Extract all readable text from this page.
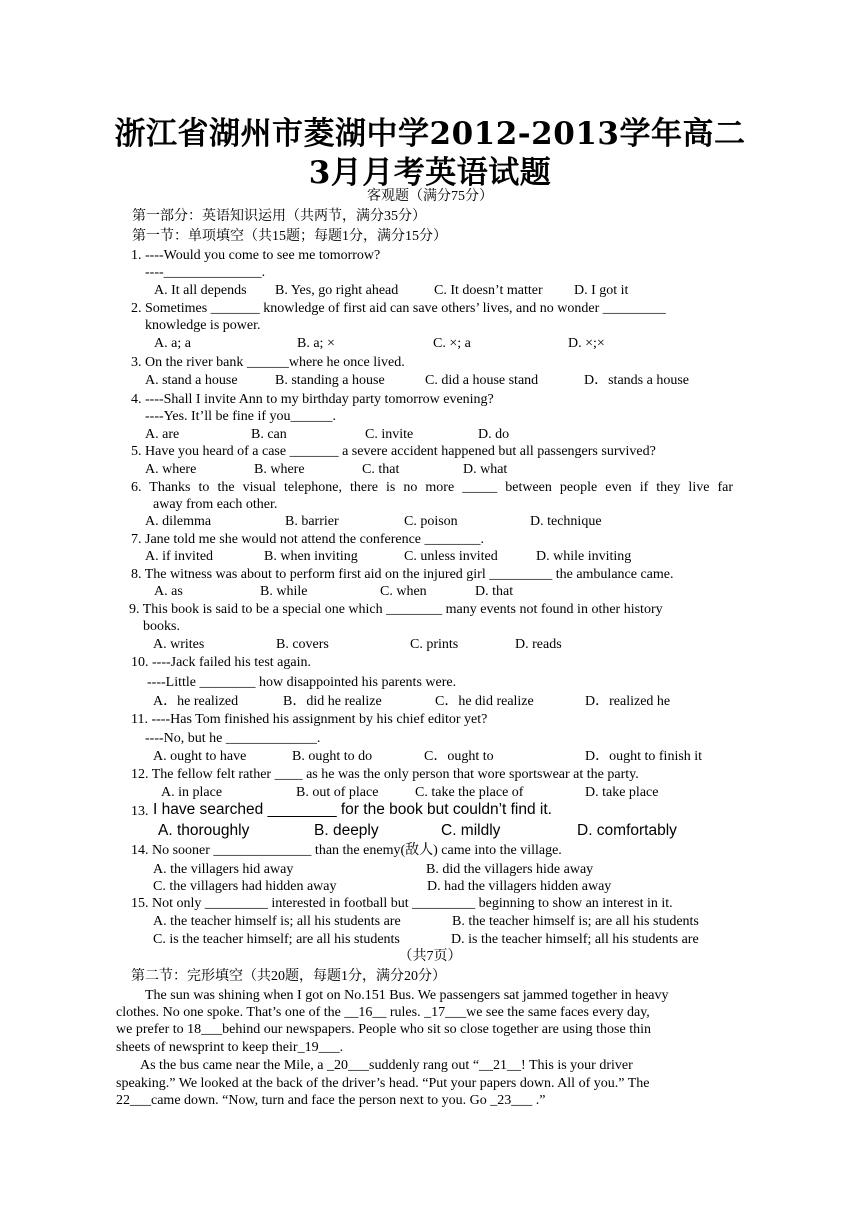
浙江省湖州市菱湖中学2012-2013学年高二
3月月考英语试题
客观题（满分75分）
第一部分：英语知识运用（共两节，满分35分）
第一节：单项填空（共15题；每题1分，满分15分）
1. ----Would you come to see me tomorrow?
----______________.
A. It all depends B. Yes, go right ahead	C. It doesn’t matter D. I got it
2. Sometimes _______ knowledge of first aid can save others’ lives, and no wonder _________
knowledge is power.
A. a; a	B. a; ×	C. ×; a	D. ×;×
3. On the river bank ______where he once lived.
A. stand a house	B. standing a house	C. did a house stand	D．stands a house
4. ----Shall I invite Ann to my birthday party tomorrow evening?
----Yes. It’ll be fine if you______.
A. are	B. can	C. invite	D. do
5. Have you heard of a case _______ a severe accident happened but all passengers survived?
A. where	B. where	C. that	D. what
6. Thanks to the visual telephone, there is no more _____ between people even if they live far
away from each other.
A. dilemma	B. barrier	C. poison	D. technique
7. Jane told me she would not attend the conference ________.
A. if invited	B. when inviting	C. unless invited	D. while inviting
8. The witness was about to perform first aid on the injured girl _________ the ambulance came.
A. as	B. while	C. when	D. that
9. This book is said to be a special one which ________ many events not found in other history
books.
A. writes	B. covers	C. prints	D. reads
10. ----Jack failed his test again.
----Little ________ how disappointed his parents were.
A．he realized	B．did he realize	C．he did realize	D．realized he
11. ----Has Tom finished his assignment by his chief editor yet?
----No, but he _____________.
A. ought to have	B. ought to do	C．ought to	D．ought to finish it
12. The fellow felt rather ____ as he was the only person that wore sportswear at the party.
A. in place	B. out of place	C. take the place of	D. take place
13. I have searched ________ for the book but couldn’t find it.
A. thoroughly	B. deeply	C. mildly	D. comfortably
14. No sooner ______________ than the enemy(敌人) came into the village.
A. the villagers hid away	B. did the villagers hide away
C. the villagers had hidden away	D. had the villagers hidden away
15. Not only _________ interested in football but _________ beginning to show an interest in it.
A. the teacher himself is; all his students are	B. the teacher himself is; are all his students
C. is the teacher himself; are all his students	D. is the teacher himself; all his students are
（共7页）
第二节：完形填空（共20题，每题1分，满分20分）
The sun was shining when I got on No.151 Bus. We passengers sat jammed together in heavy
clothes. No one spoke. That’s one of the __16__ rules. _17___we see the same faces every day,
we prefer to 18___behind our newspapers. People who sit so close together are using those thin
sheets of newsprint to keep their_19___.
As the bus came near the Mile, a _20___suddenly rang out “__21__! This is your driver
speaking.” We looked at the back of the driver’s head. “Put your papers down. All of you.” The
22___came down. “Now, turn and face the person next to you. Go _23___ .”
